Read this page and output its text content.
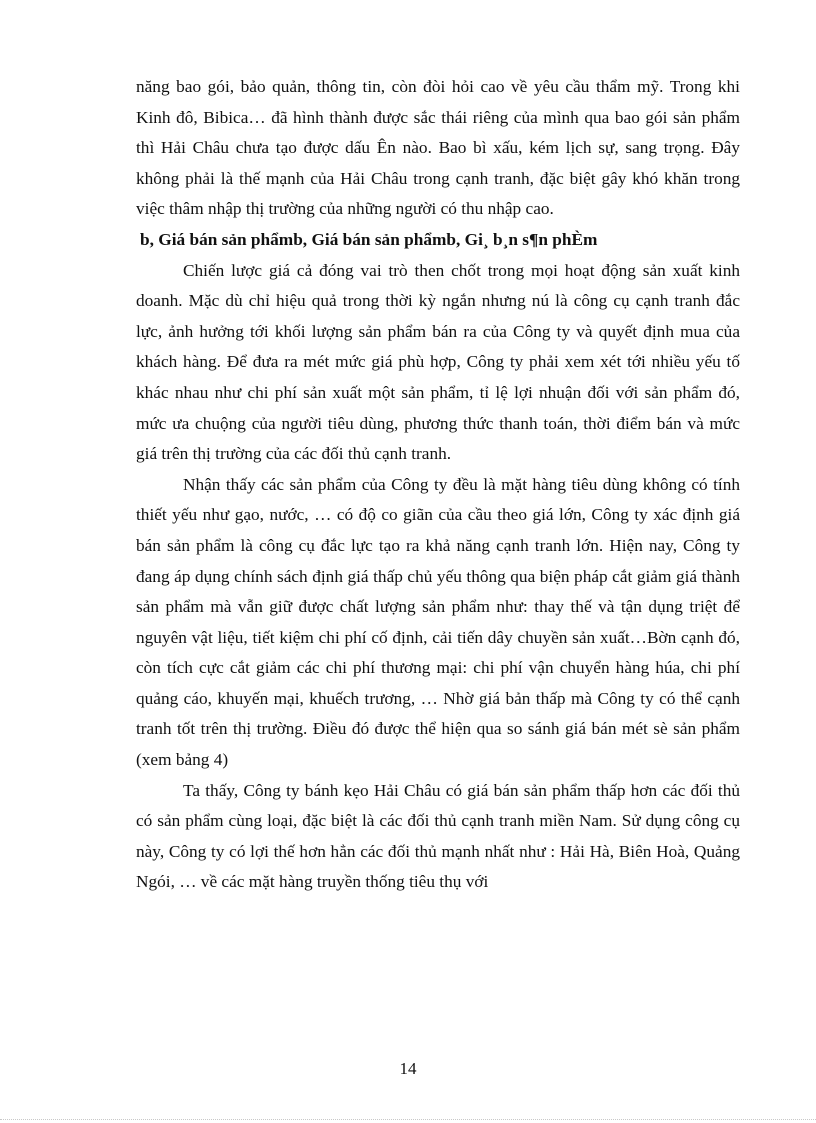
năng bao gói, bảo quản, thông tin, còn đòi hỏi cao về yêu cầu thẩm mỹ. Trong khi Kinh đô, Bibica… đã hình thành được sắc thái riêng của mình qua bao gói sản phẩm thì Hải Châu chưa tạo được dấu Ên nào. Bao bì xấu, kém lịch sự, sang trọng. Đây không phải là thế mạnh của Hải Châu trong cạnh tranh, đặc biệt gây khó khăn trong việc thâm nhập thị trường của những người có thu nhập cao.

b, Giá bán sản phẩmb, Giá bán sản phẩmb, Gi¸ b¸n s¶n phÈm

Chiến lược giá cả đóng vai trò then chốt trong mọi hoạt động sản xuất kinh doanh. Mặc dù chỉ hiệu quả trong thời kỳ ngắn nhưng nú là công cụ cạnh tranh đắc lực, ảnh hưởng tới khối lượng sản phẩm bán ra của Công ty và quyết định mua của khách hàng. Để đưa ra mét mức giá phù hợp, Công ty phải xem xét tới nhiều yếu tố khác nhau như chi phí sản xuất một sản phẩm, tỉ lệ lợi nhuận đối với sản phẩm đó, mức ưa chuộng của người tiêu dùng, phương thức thanh toán, thời điểm bán và mức giá trên thị trường của các đối thủ cạnh tranh.

Nhận thấy các sản phẩm của Công ty đều là mặt hàng tiêu dùng không có tính thiết yếu như gạo, nước, … có độ co giãn của cầu theo giá lớn, Công ty xác định giá bán sản phẩm là công cụ đắc lực tạo ra khả năng cạnh tranh lớn. Hiện nay, Công ty đang áp dụng chính sách định giá thấp chủ yếu thông qua biện pháp cắt giảm giá thành sản phẩm mà vẫn giữ được chất lượng sản phẩm như: thay thế và tận dụng triệt để nguyên vật liệu, tiết kiệm chi phí cố định, cải tiến dây chuyền sản xuất…Bờn cạnh đó, còn tích cực cắt giảm các chi phí thương mại: chi phí vận chuyển hàng húa, chi phí quảng cáo, khuyến mại, khuếch trương, … Nhờ giá bản thấp mà Công ty có thể cạnh tranh tốt trên thị trường. Điều đó được thể hiện qua so sánh giá bán mét sè sản phẩm (xem bảng 4)

Ta thấy, Công ty bánh kẹo Hải Châu có giá bán sản phẩm thấp hơn các đối thủ có sản phẩm cùng loại, đặc biệt là các đối thủ cạnh tranh miền Nam. Sử dụng công cụ này, Công ty có lợi thế hơn hẳn các đối thủ mạnh nhất như : Hải Hà, Biên Hoà, Quảng Ngói, … về các mặt hàng truyền thống tiêu thụ với

14
